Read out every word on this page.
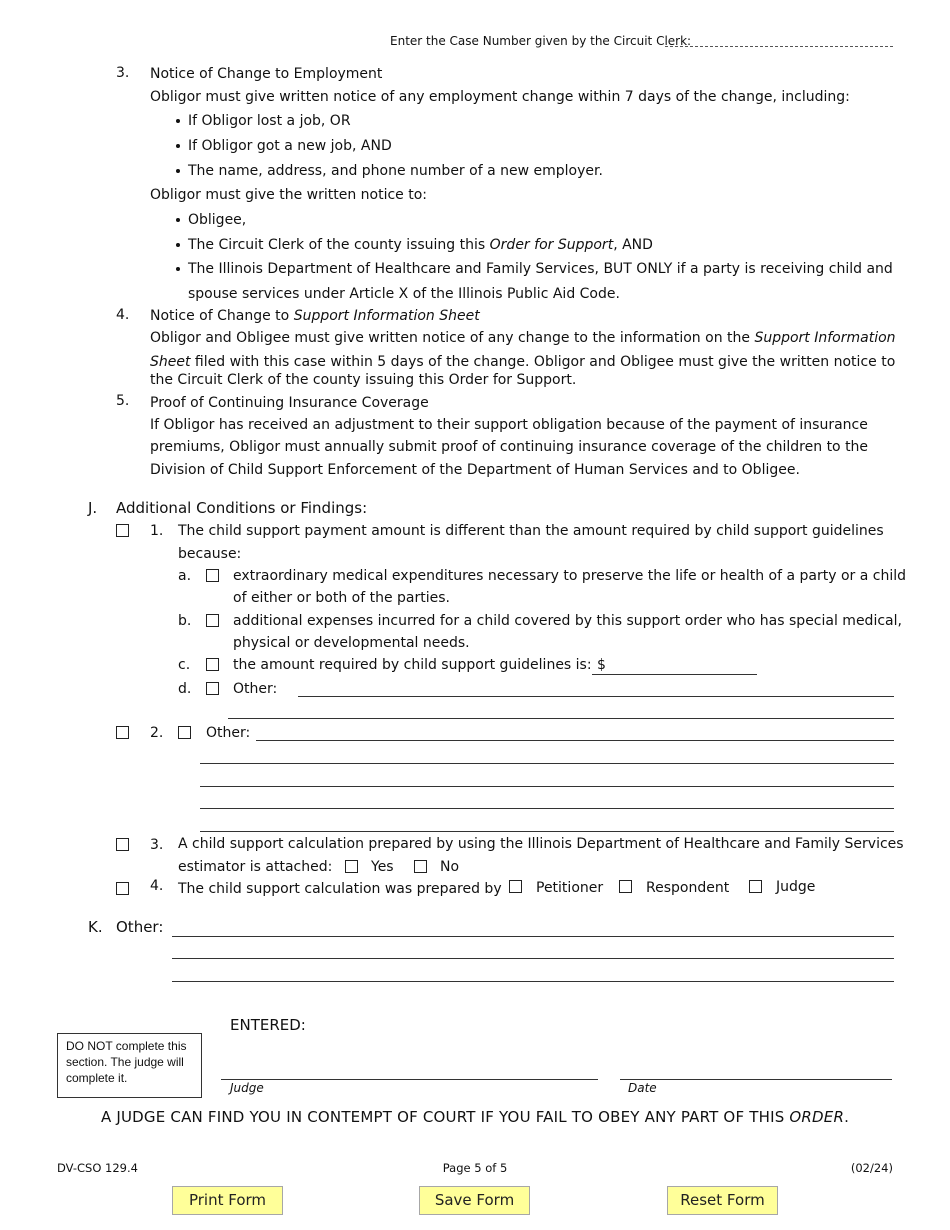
Enter the Case Number given by the Circuit Clerk:
3. Notice of Change to Employment
Obligor must give written notice of any employment change within 7 days of the change, including:
If Obligor lost a job, OR
If Obligor got a new job, AND
The name, address, and phone number of a new employer.
Obligor must give the written notice to:
Obligee,
The Circuit Clerk of the county issuing this Order for Support, AND
The Illinois Department of Healthcare and Family Services, BUT ONLY if a party is receiving child and
spouse services under Article X of the Illinois Public Aid Code.
4. Notice of Change to Support Information Sheet
Obligor and Obligee must give written notice of any change to the information on the Support Information
Sheet filed with this case within 5 days of the change. Obligor and Obligee must give the written notice to
the Circuit Clerk of the county issuing this Order for Support.
5. Proof of Continuing Insurance Coverage
If Obligor has received an adjustment to their support obligation because of the payment of insurance
premiums, Obligor must annually submit proof of continuing insurance coverage of the children to the
Division of Child Support Enforcement of the Department of Human Services and to Obligee.
J. Additional Conditions or Findings:
1. The child support payment amount is different than the amount required by child support guidelines
because:
a.	extraordinary medical expenditures necessary to preserve the life or health of a party or a child
of either or both of the parties.
b.	additional expenses incurred for a child covered by this support order who has special medical,
physical or developmental needs.
c.	the amount required by child support guidelines is: $
d.	Other:
2.	Other:
3. A child support calculation prepared by using the Illinois Department of Healthcare and Family Services
estimator is attached:	Yes	No
4. The child support calculation was prepared by Petitioner	Respondent	Judge
K. Other:
ENTERED:
DO NOT complete this section. The judge will complete it.
Judge	Date
A JUDGE CAN FIND YOU IN CONTEMPT OF COURT IF YOU FAIL TO OBEY ANY PART OF THIS ORDER.
DV-CSO 129.4	Page 5 of 5	(02/24)
Print Form	Save Form	Reset Form
